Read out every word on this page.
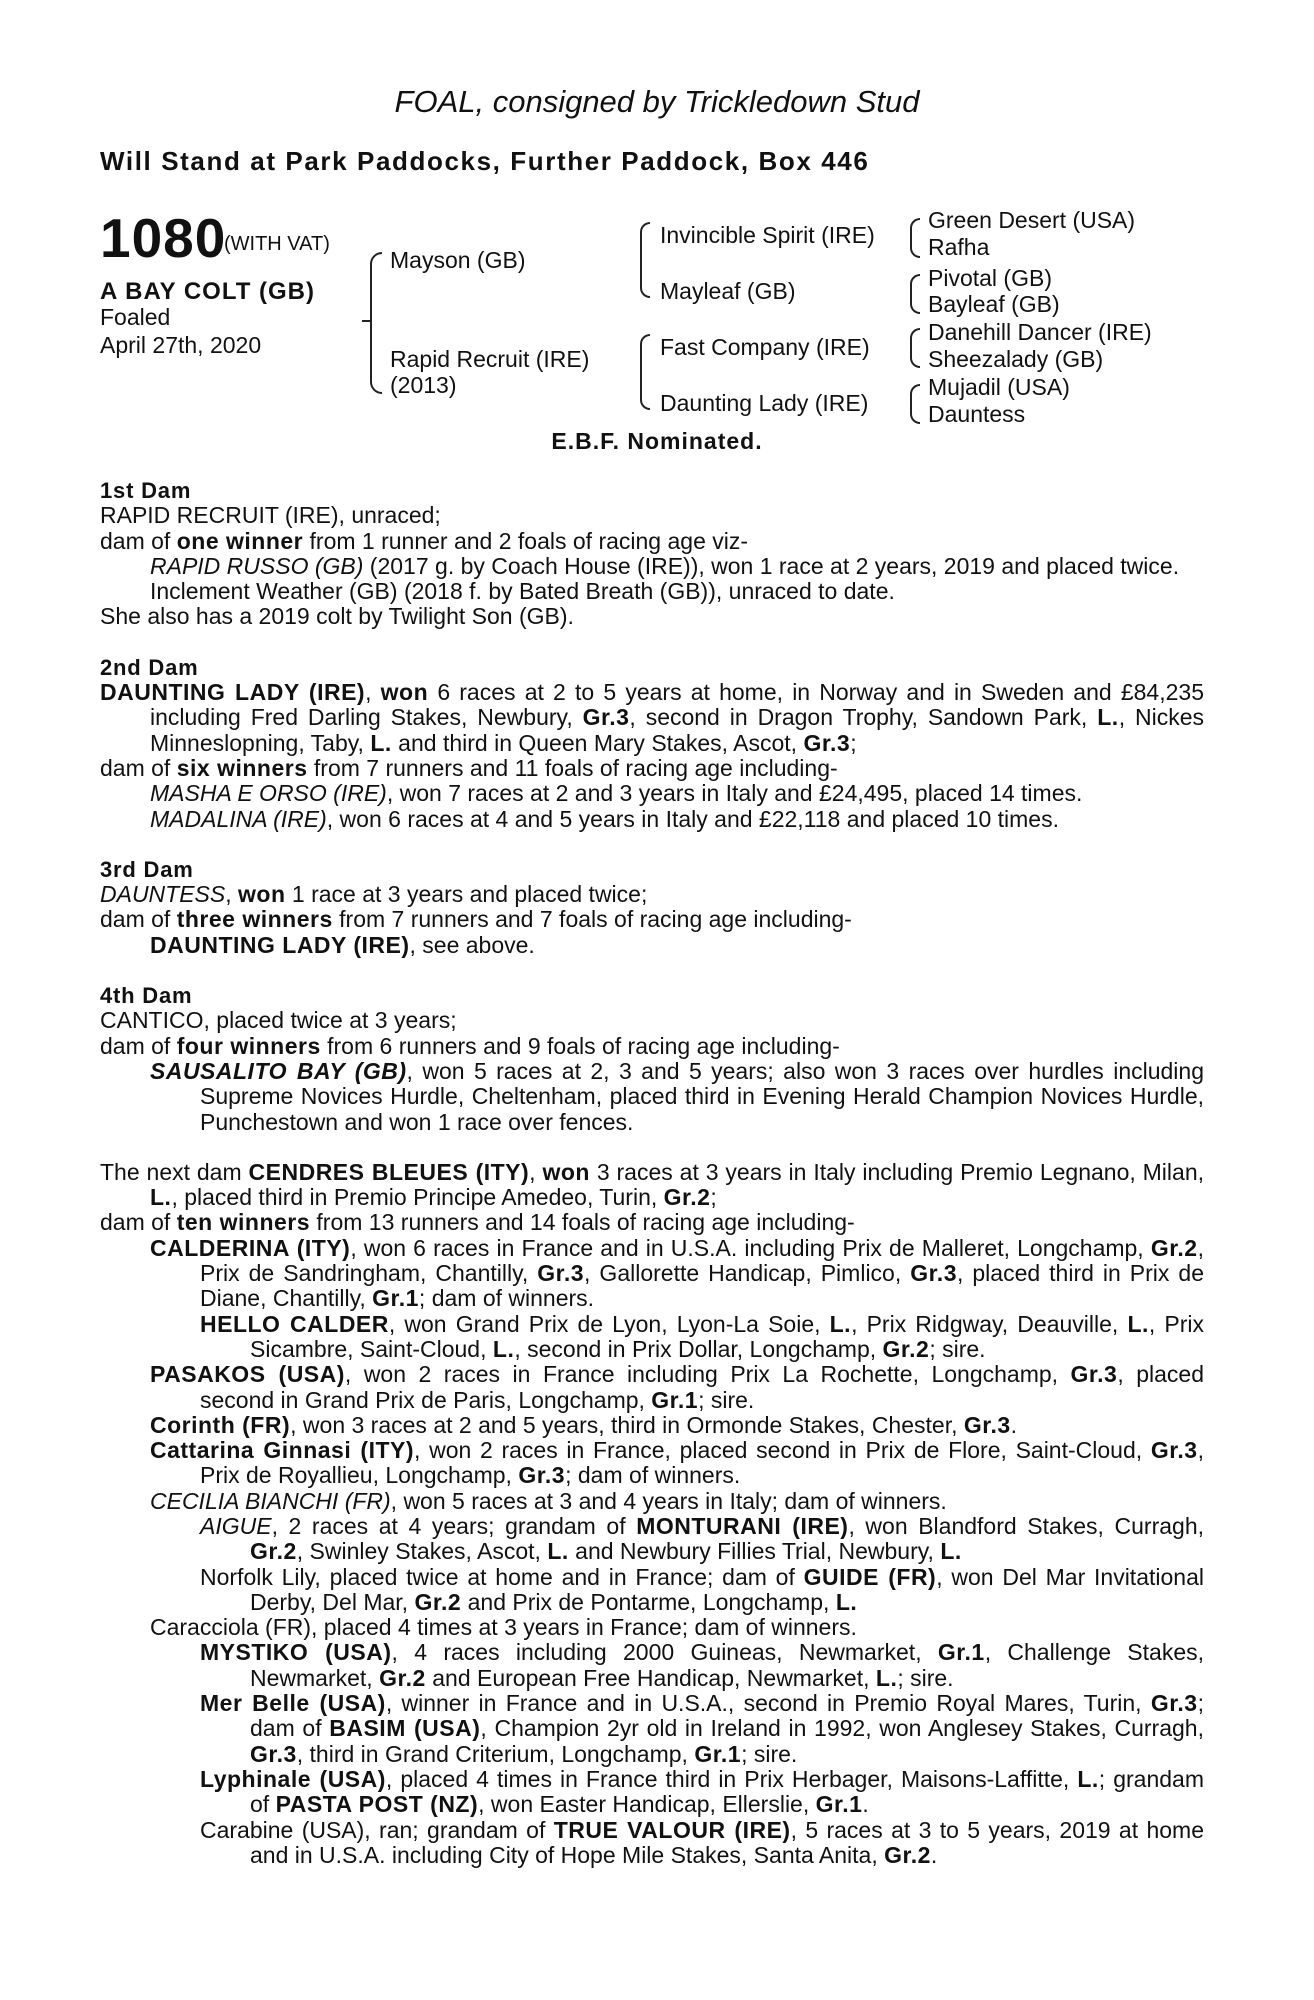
FOAL, consigned by Trickledown Stud
Will Stand at Park Paddocks, Further Paddock, Box 446
1080
(WITH VAT)
A BAY COLT (GB)
Foaled
April 27th, 2020
Mayson (GB)
Rapid Recruit (IRE)
(2013)
Invincible Spirit (IRE)
Mayleaf (GB)
Fast Company (IRE)
Daunting Lady (IRE)
Green Desert (USA)
Rafha
Pivotal (GB)
Bayleaf (GB)
Danehill Dancer (IRE)
Sheezalady (GB)
Mujadil (USA)
Dauntess
E.B.F. Nominated.

1st Dam

RAPID RECRUIT (IRE), unraced;

dam of one winner from 1 runner and 2 foals of racing age viz-

RAPID RUSSO (GB) (2017 g. by Coach House (IRE)), won 1 race at 2 years, 2019 and placed twice.

Inclement Weather (GB) (2018 f. by Bated Breath (GB)), unraced to date.

She also has a 2019 colt by Twilight Son (GB).

2nd Dam

DAUNTING LADY (IRE), won 6 races at 2 to 5 years at home, in Norway and in Sweden and £84,235 including Fred Darling Stakes, Newbury, Gr.3, second in Dragon Trophy, Sandown Park, L., Nickes Minneslopning, Taby, L. and third in Queen Mary Stakes, Ascot, Gr.3;

dam of six winners from 7 runners and 11 foals of racing age including-

MASHA E ORSO (IRE), won 7 races at 2 and 3 years in Italy and £24,495, placed 14 times.

MADALINA (IRE), won 6 races at 4 and 5 years in Italy and £22,118 and placed 10 times.

3rd Dam

DAUNTESS, won 1 race at 3 years and placed twice;

dam of three winners from 7 runners and 7 foals of racing age including-

DAUNTING LADY (IRE), see above.

4th Dam

CANTICO, placed twice at 3 years;

dam of four winners from 6 runners and 9 foals of racing age including-

SAUSALITO BAY (GB), won 5 races at 2, 3 and 5 years; also won 3 races over hurdles including Supreme Novices Hurdle, Cheltenham, placed third in Evening Herald Champion Novices Hurdle, Punchestown and won 1 race over fences.

The next dam CENDRES BLEUES (ITY), won 3 races at 3 years in Italy including Premio Legnano, Milan, L., placed third in Premio Principe Amedeo, Turin, Gr.2;

dam of ten winners from 13 runners and 14 foals of racing age including-

CALDERINA (ITY), won 6 races in France and in U.S.A. including Prix de Malleret, Longchamp, Gr.2, Prix de Sandringham, Chantilly, Gr.3, Gallorette Handicap, Pimlico, Gr.3, placed third in Prix de Diane, Chantilly, Gr.1; dam of winners.

HELLO CALDER, won Grand Prix de Lyon, Lyon-La Soie, L., Prix Ridgway, Deauville, L., Prix Sicambre, Saint-Cloud, L., second in Prix Dollar, Longchamp, Gr.2; sire.

PASAKOS (USA), won 2 races in France including Prix La Rochette, Longchamp, Gr.3, placed second in Grand Prix de Paris, Longchamp, Gr.1; sire.

Corinth (FR), won 3 races at 2 and 5 years, third in Ormonde Stakes, Chester, Gr.3.

Cattarina Ginnasi (ITY), won 2 races in France, placed second in Prix de Flore, Saint-Cloud, Gr.3, Prix de Royallieu, Longchamp, Gr.3; dam of winners.

CECILIA BIANCHI (FR), won 5 races at 3 and 4 years in Italy; dam of winners.

AIGUE, 2 races at 4 years; grandam of MONTURANI (IRE), won Blandford Stakes, Curragh, Gr.2, Swinley Stakes, Ascot, L. and Newbury Fillies Trial, Newbury, L.

Norfolk Lily, placed twice at home and in France; dam of GUIDE (FR), won Del Mar Invitational Derby, Del Mar, Gr.2 and Prix de Pontarme, Longchamp, L.

Caracciola (FR), placed 4 times at 3 years in France; dam of winners.

MYSTIKO (USA), 4 races including 2000 Guineas, Newmarket, Gr.1, Challenge Stakes, Newmarket, Gr.2 and European Free Handicap, Newmarket, L.; sire.

Mer Belle (USA), winner in France and in U.S.A., second in Premio Royal Mares, Turin, Gr.3; dam of BASIM (USA), Champion 2yr old in Ireland in 1992, won Anglesey Stakes, Curragh, Gr.3, third in Grand Criterium, Longchamp, Gr.1; sire.

Lyphinale (USA), placed 4 times in France third in Prix Herbager, Maisons-Laffitte, L.; grandam of PASTA POST (NZ), won Easter Handicap, Ellerslie, Gr.1.

Carabine (USA), ran; grandam of TRUE VALOUR (IRE), 5 races at 3 to 5 years, 2019 at home and in U.S.A. including City of Hope Mile Stakes, Santa Anita, Gr.2.
